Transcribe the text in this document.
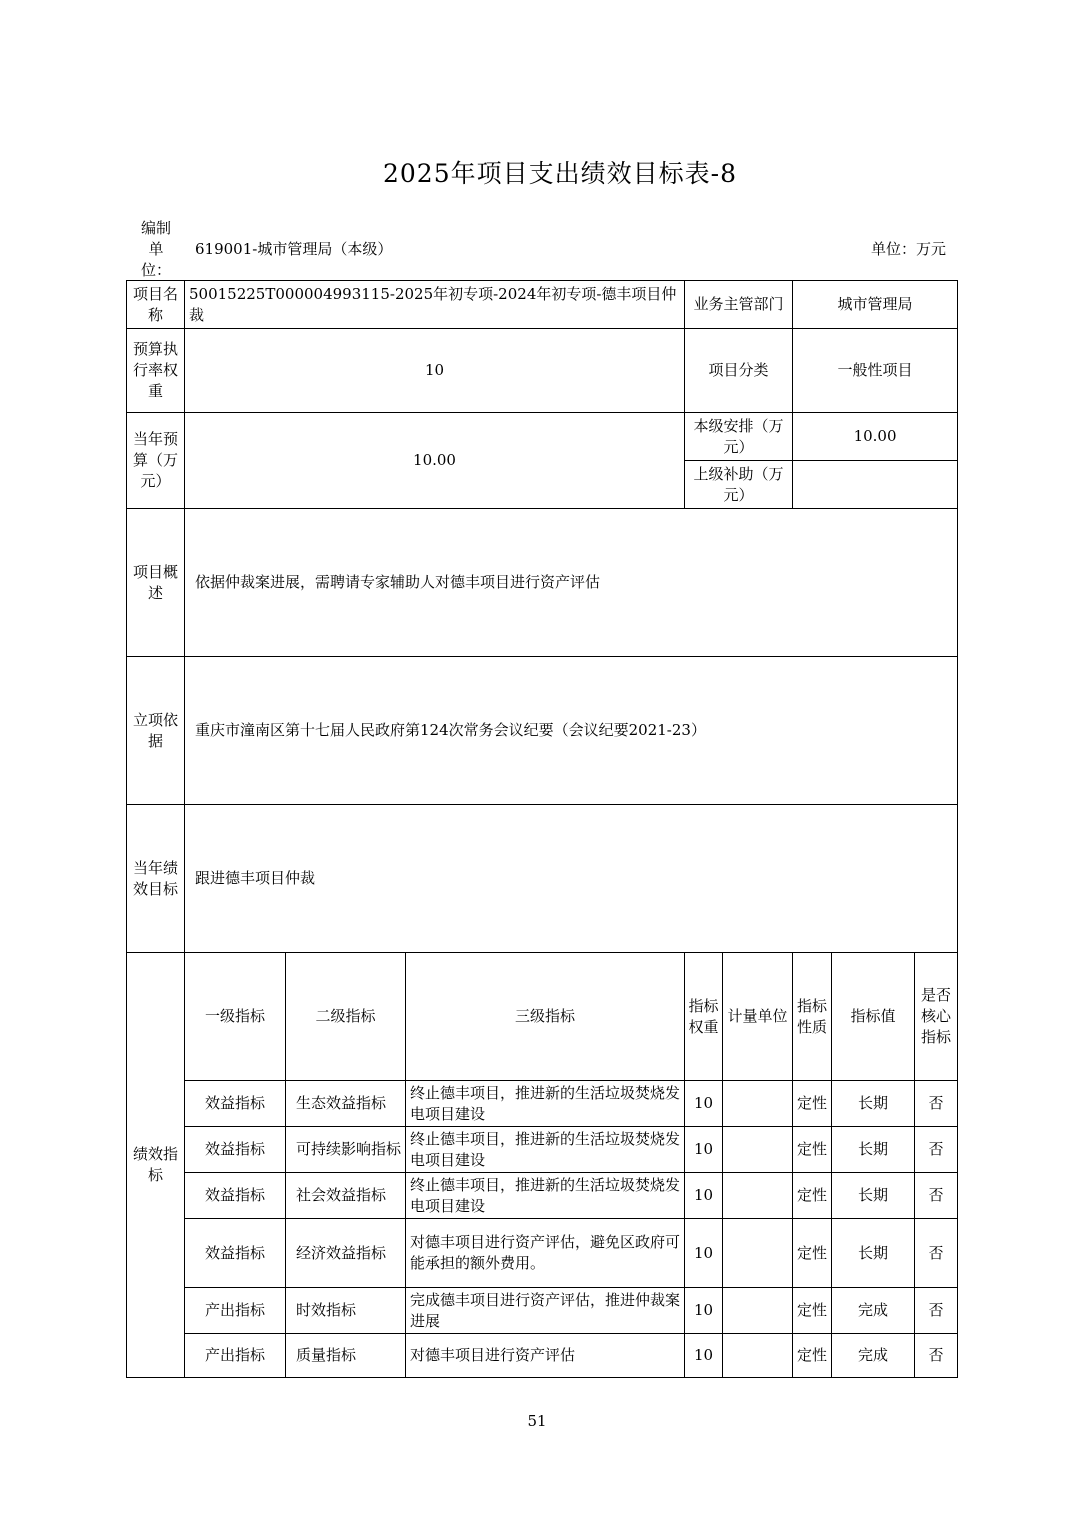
2025年项目支出绩效目标表-8
编制单位：
619001-城市管理局（本级）	单位：万元
项目名称	50015225T000004993115-2025年初专项-2024年初专项-德丰项目仲裁			业务主管部门		城市管理局		
预算执行率权重	10			项目分类		一般性项目		
当年预算（万元）	10.00			本级安排（万元）		10.00		
				上级补助（万元）				
项目概述	依据仲裁案进展，需聘请专家辅助人对德丰项目进行资产评估							
立项依据	重庆市潼南区第十七届人民政府第124次常务会议纪要（会议纪要2021-23）							
当年绩效目标	跟进德丰项目仲裁							
绩效指标	一级指标	二级指标	三级指标	指标权重	计量单位	指标性质	指标值	是否核心指标
	效益指标	生态效益指标	终止德丰项目，推进新的生活垃圾焚烧发电项目建设	10		定性	长期	否
	效益指标	可持续影响指标	终止德丰项目，推进新的生活垃圾焚烧发电项目建设	10		定性	长期	否
	效益指标	社会效益指标	终止德丰项目，推进新的生活垃圾焚烧发电项目建设	10		定性	长期	否
	效益指标	经济效益指标	对德丰项目进行资产评估，避免区政府可能承担的额外费用。	10		定性	长期	否
	产出指标	时效指标	完成德丰项目进行资产评估，推进仲裁案进展	10		定性	完成	否
	产出指标	质量指标	对德丰项目进行资产评估	10		定性	完成	否
51
